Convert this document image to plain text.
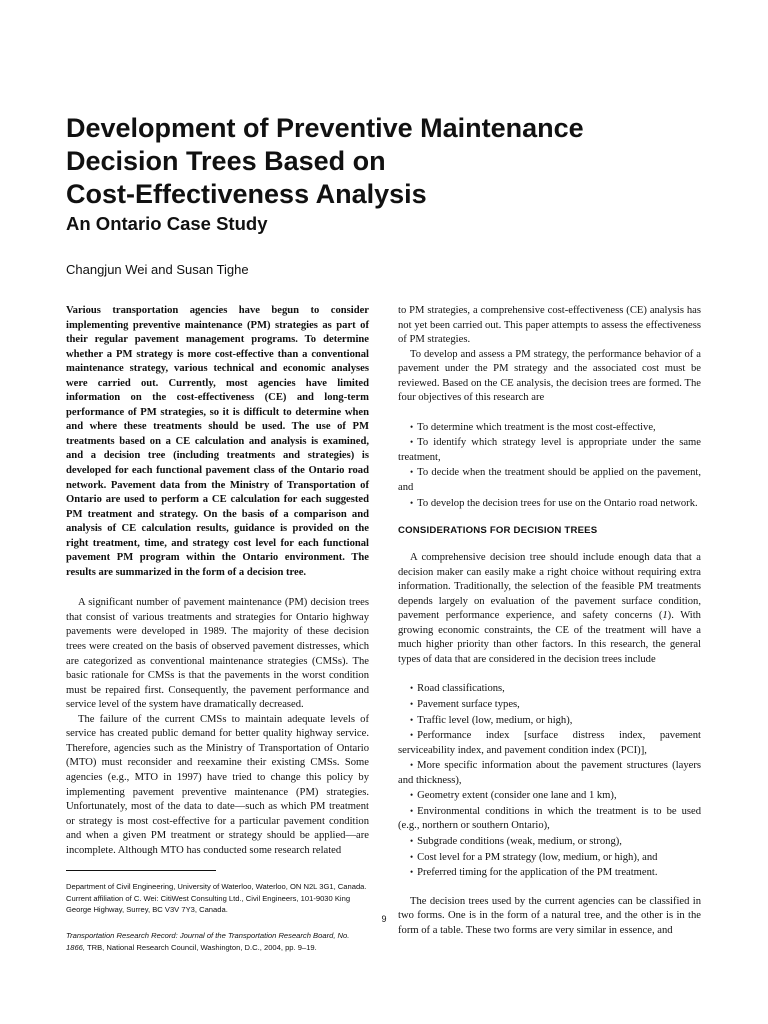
Development of Preventive Maintenance
Decision Trees Based on
Cost-Effectiveness Analysis
An Ontario Case Study

Changjun Wei and Susan Tighe

Various transportation agencies have begun to consider implementing preventive maintenance (PM) strategies as part of their regular pavement management programs. To determine whether a PM strategy is more cost-effective than a conventional maintenance strategy, various technical and economic analyses were carried out. Currently, most agencies have limited information on the cost-effectiveness (CE) and long-term performance of PM strategies, so it is difficult to determine when and where these treatments should be used. The use of PM treatments based on a CE calculation and analysis is examined, and a decision tree (including treatments and strategies) is developed for each functional pavement class of the Ontario road network. Pavement data from the Ministry of Transportation of Ontario are used to perform a CE calculation for each suggested PM treatment and strategy. On the basis of a comparison and analysis of CE calculation results, guidance is provided on the right treatment, time, and strategy cost level for each functional pavement PM program within the Ontario environment. The results are summarized in the form of a decision tree.

A significant number of pavement maintenance (PM) decision trees that consist of various treatments and strategies for Ontario highway pavements were developed in 1989. The majority of these decision trees were created on the basis of observed pavement distresses, which are categorized as conventional maintenance strategies (CMSs). The basic rationale for CMSs is that the pavements in the worst condition must be repaired first. Consequently, the pavement performance and service level of the system have dramatically decreased.

The failure of the current CMSs to maintain adequate levels of service has created public demand for better quality highway service. Therefore, agencies such as the Ministry of Transportation of Ontario (MTO) must reconsider and reexamine their existing CMSs. Some agencies (e.g., MTO in 1997) have tried to change this policy by implementing pavement preventive maintenance (PM) strategies. Unfortunately, most of the data to date—such as which PM treatment or strategy is most cost-effective for a particular pavement condition and when a given PM treatment or strategy should be applied—are incomplete. Although MTO has conducted some research related

Department of Civil Engineering, University of Waterloo, Waterloo, ON N2L 3G1, Canada. Current affiliation of C. Wei: CitiWest Consulting Ltd., Civil Engineers, 101-9030 King George Highway, Surrey, BC V3V 7Y3, Canada.

Transportation Research Record: Journal of the Transportation Research Board, No. 1866, TRB, National Research Council, Washington, D.C., 2004, pp. 9–19.

to PM strategies, a comprehensive cost-effectiveness (CE) analysis has not yet been carried out. This paper attempts to assess the effectiveness of PM strategies.

To develop and assess a PM strategy, the performance behavior of a pavement under the PM strategy and the associated cost must be reviewed. Based on the CE analysis, the decision trees are formed. The four objectives of this research are

• To determine which treatment is the most cost-effective,
• To identify which strategy level is appropriate under the same treatment,
• To decide when the treatment should be applied on the pavement, and
• To develop the decision trees for use on the Ontario road network.
CONSIDERATIONS FOR DECISION TREES

A comprehensive decision tree should include enough data that a decision maker can easily make a right choice without requiring extra information. Traditionally, the selection of the feasible PM treatments depends largely on evaluation of the pavement surface condition, pavement performance experience, and safety concerns (1). With growing economic constraints, the CE of the treatment will have a much higher priority than other factors. In this research, the general types of data that are considered in the decision trees include

• Road classifications,
• Pavement surface types,
• Traffic level (low, medium, or high),
• Performance index [surface distress index, pavement serviceability index, and pavement condition index (PCI)],
• More specific information about the pavement structures (layers and thickness),
• Geometry extent (consider one lane and 1 km),
• Environmental conditions in which the treatment is to be used (e.g., northern or southern Ontario),
• Subgrade conditions (weak, medium, or strong),
• Cost level for a PM strategy (low, medium, or high), and
• Preferred timing for the application of the PM treatment.

The decision trees used by the current agencies can be classified in two forms. One is in the form of a natural tree, and the other is in the form of a table. These two forms are very similar in essence, and

9
